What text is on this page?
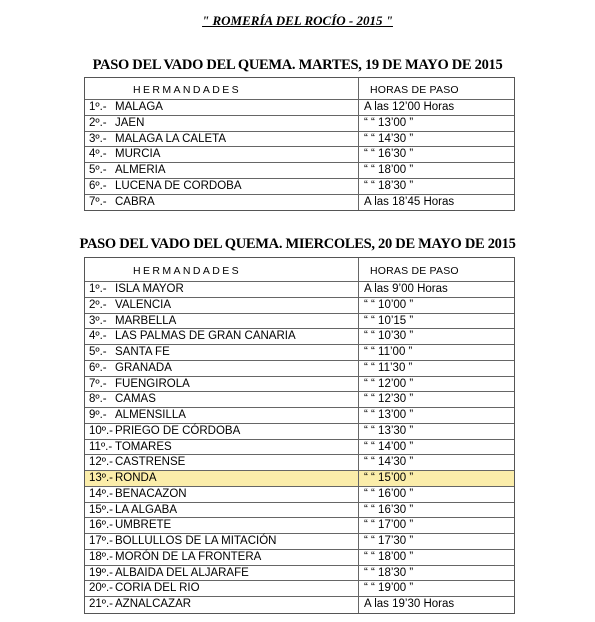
" ROMERÍA DEL ROCÍO - 2015 "
PASO DEL VADO DEL QUEMA. MARTES, 19 DE MAYO DE 2015
HERMANDADES	HORAS DE PASO
1º.- MALAGA	A las 12’00 Horas
2º.- JAEN	“ “ 13’00 ”
3º.- MALAGA LA CALETA	“ “ 14’30 ”
4º.- MURCIA	“ “ 16’30 ”
5º.- ALMERIA	“ “ 18’00 ”
6º.- LUCENA DE CORDOBA	“ “ 18’30 ”
7º.- CABRA	A las 18’45 Horas
PASO DEL VADO DEL QUEMA. MIERCOLES, 20 DE MAYO DE 2015
HERMANDADES	HORAS DE PASO
1º.- ISLA MAYOR	A las 9’00 Horas
2º.- VALENCIA	“ “ 10’00 ”
3º.- MARBELLA	“ “ 10’15 ”
4º.- LAS PALMAS DE GRAN CANARIA	“ “ 10’30 ”
5º.- SANTA FE	“ “ 11’00 ”
6º.- GRANADA	“ “ 11’30 ”
7º.- FUENGIROLA	“ “ 12’00 ”
8º.- CAMAS	“ “ 12’30 ”
9º.- ALMENSILLA	“ “ 13’00 ”
10º.- PRIEGO DE CÓRDOBA	“ “ 13’30 ”
11º.- TOMARES	“ “ 14’00 ”
12º.- CASTRENSE	“ “ 14’30 ”
13º.- RONDA	“ “ 15’00 ”
14º.- BENACAZON	“ “ 16’00 ”
15º.- LA ALGABA	“ “ 16’30 ”
16º.- UMBRETE	“ “ 17’00 ”
17º.- BOLLULLOS DE LA MITACIÓN	“ “ 17’30 ”
18º.- MORÓN DE LA FRONTERA	“ “ 18’00 ”
19º.- ALBAIDA DEL ALJARAFE	“ “ 18’30 ”
20º.- CORIA DEL RIO	“ “ 19’00 ”
21º.- AZNALCAZAR	A las 19’30 Horas
